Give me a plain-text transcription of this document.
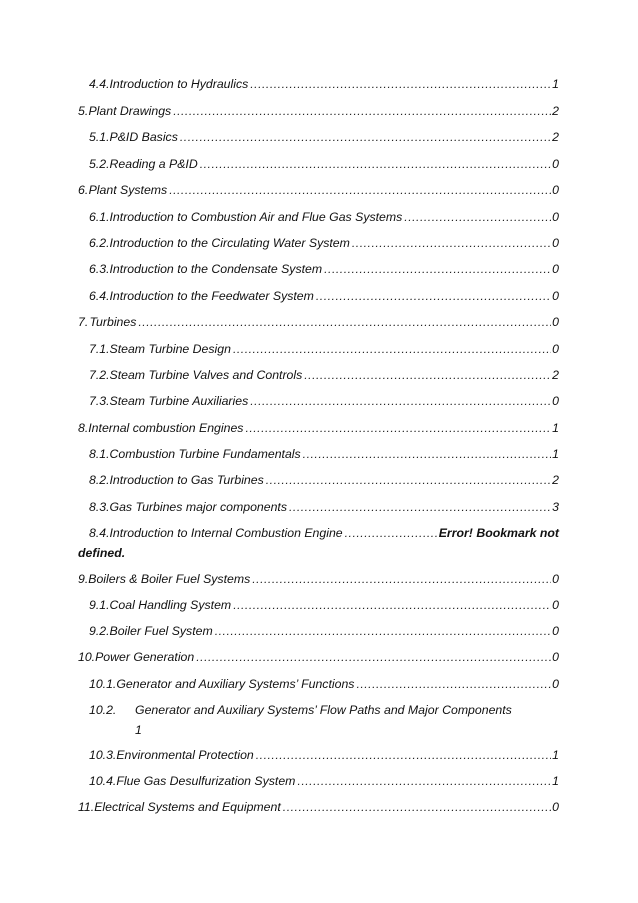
4.4. Introduction to Hydraulics .....	1
5. Plant Drawings .....	2
5.1. P&ID Basics .....	2
5.2. Reading a P&ID .....	0
6. Plant Systems .....	0
6.1. Introduction to Combustion Air and Flue Gas Systems .....	0
6.2. Introduction to the Circulating Water System .....	0
6.3. Introduction to the Condensate System .....	0
6.4. Introduction to the Feedwater System .....	0
7. Turbines .....	0
7.1. Steam Turbine Design .....	0
7.2. Steam Turbine Valves and Controls .....	2
7.3. Steam Turbine Auxiliaries .....	0
8. Internal combustion Engines .....	1
8.1. Combustion Turbine Fundamentals .....	1
8.2. Introduction to Gas Turbines .....	2
8.3. Gas Turbines major components .....	3
8.4. Introduction to Internal Combustion Engine .....	Error! Bookmark not
defined.
9. Boilers & Boiler Fuel Systems .....	0
9.1. Coal Handling System .....	0
9.2. Boiler Fuel System .....	0
10. Power Generation .....	0
10.1. Generator and Auxiliary Systems’ Functions .....	0
10.2.	Generator and Auxiliary Systems’ Flow Paths and Major Components
1
10.3. Environmental Protection .....	1
10.4. Flue Gas Desulfurization System .....	1
11. Electrical Systems and Equipment .....	0
